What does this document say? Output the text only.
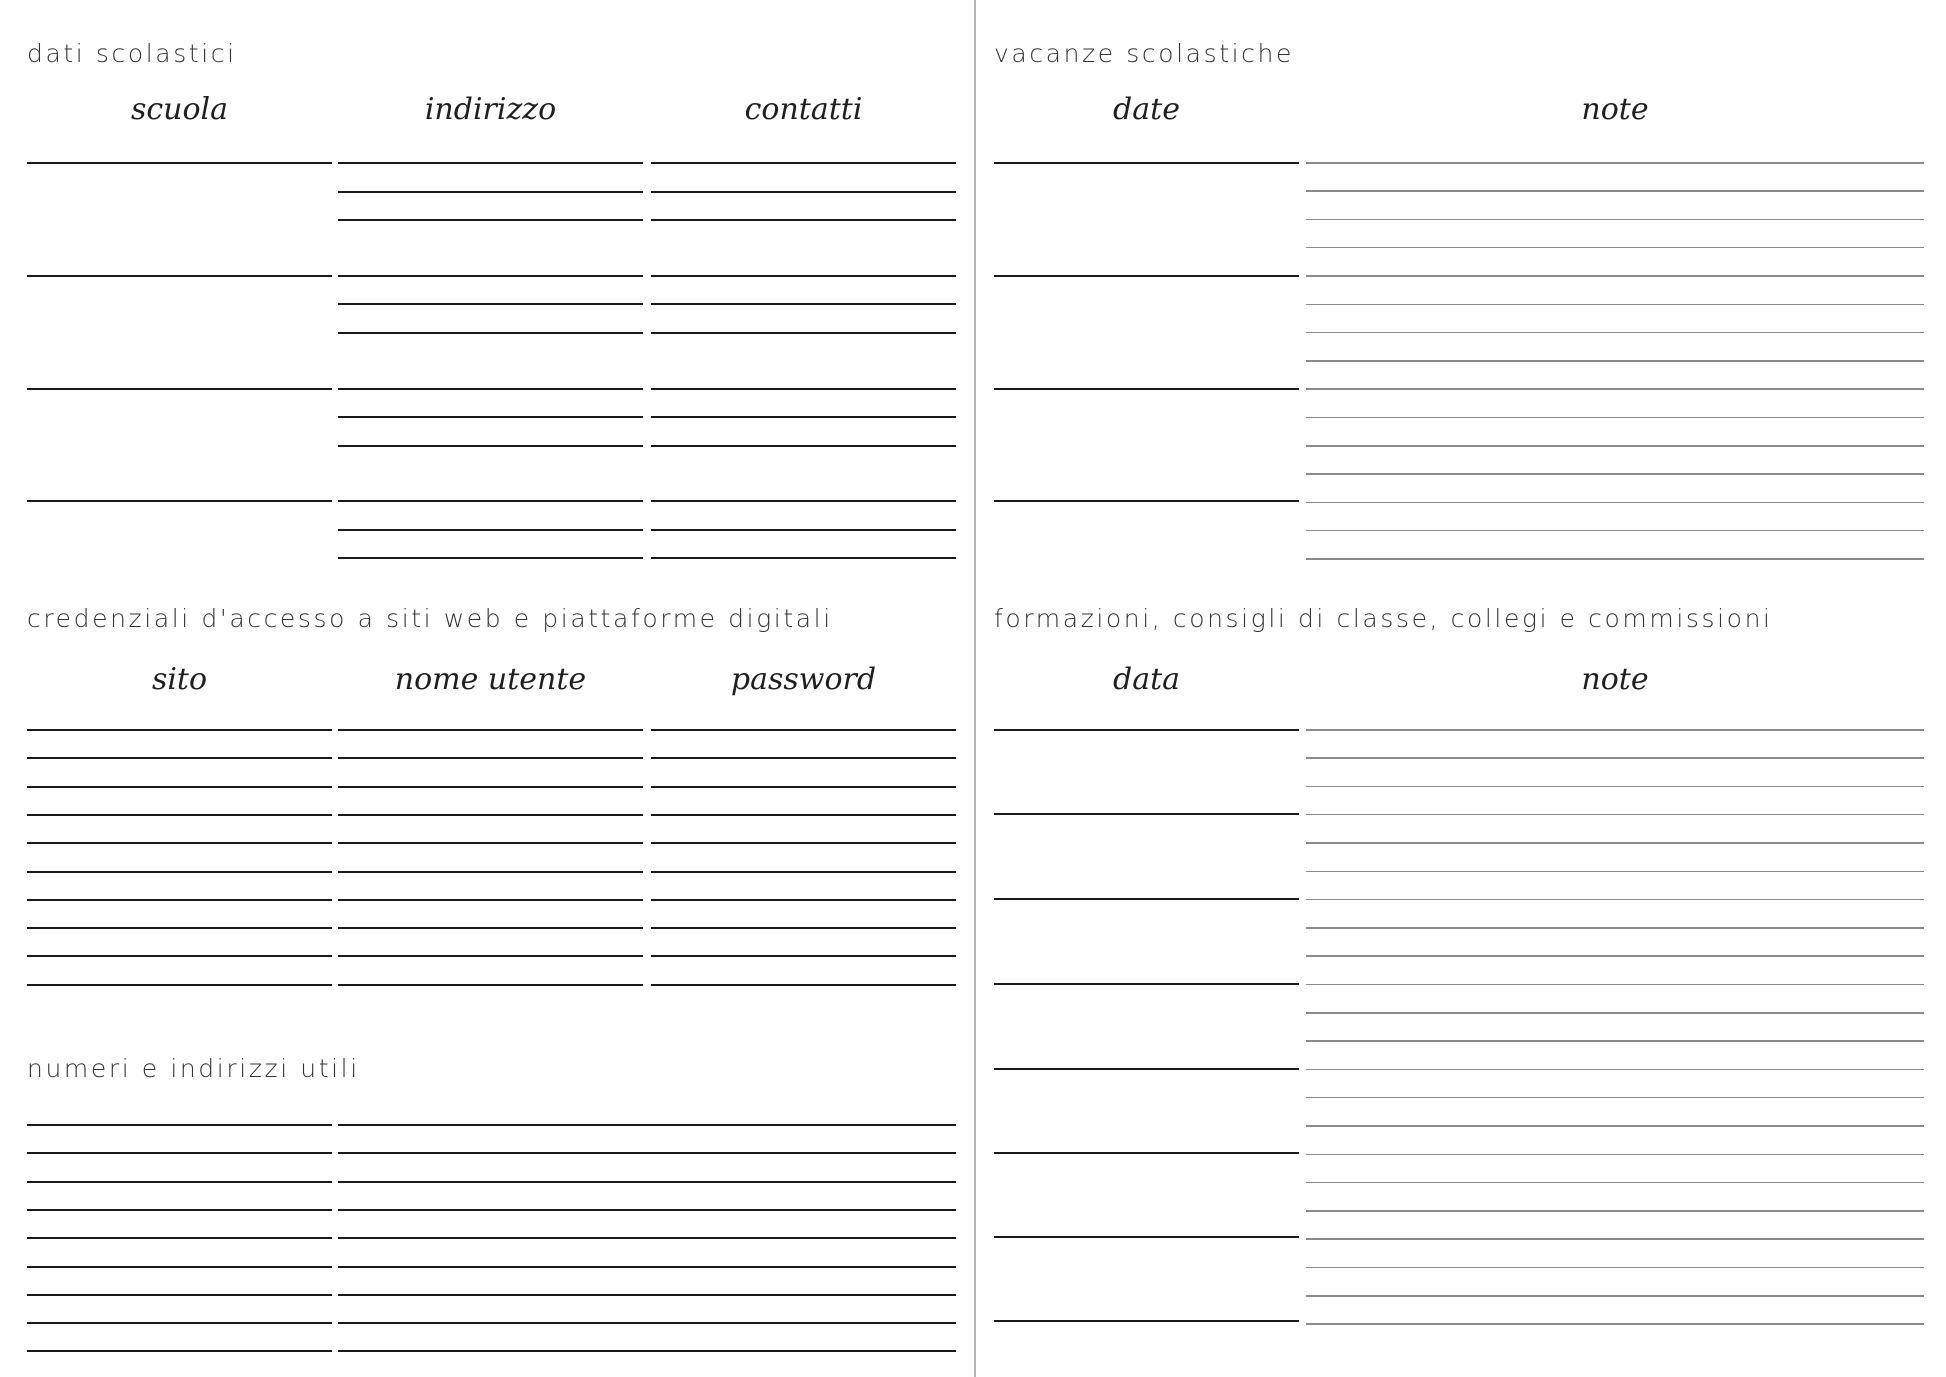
dati scolastici
scuola	indirizzo	contatti
credenziali d'accesso a siti web e piattaforme digitali
sito	nome utente	password
numeri e indirizzi utili
vacanze scolastiche
date	note
formazioni, consigli di classe, collegi e commissioni
data	note
